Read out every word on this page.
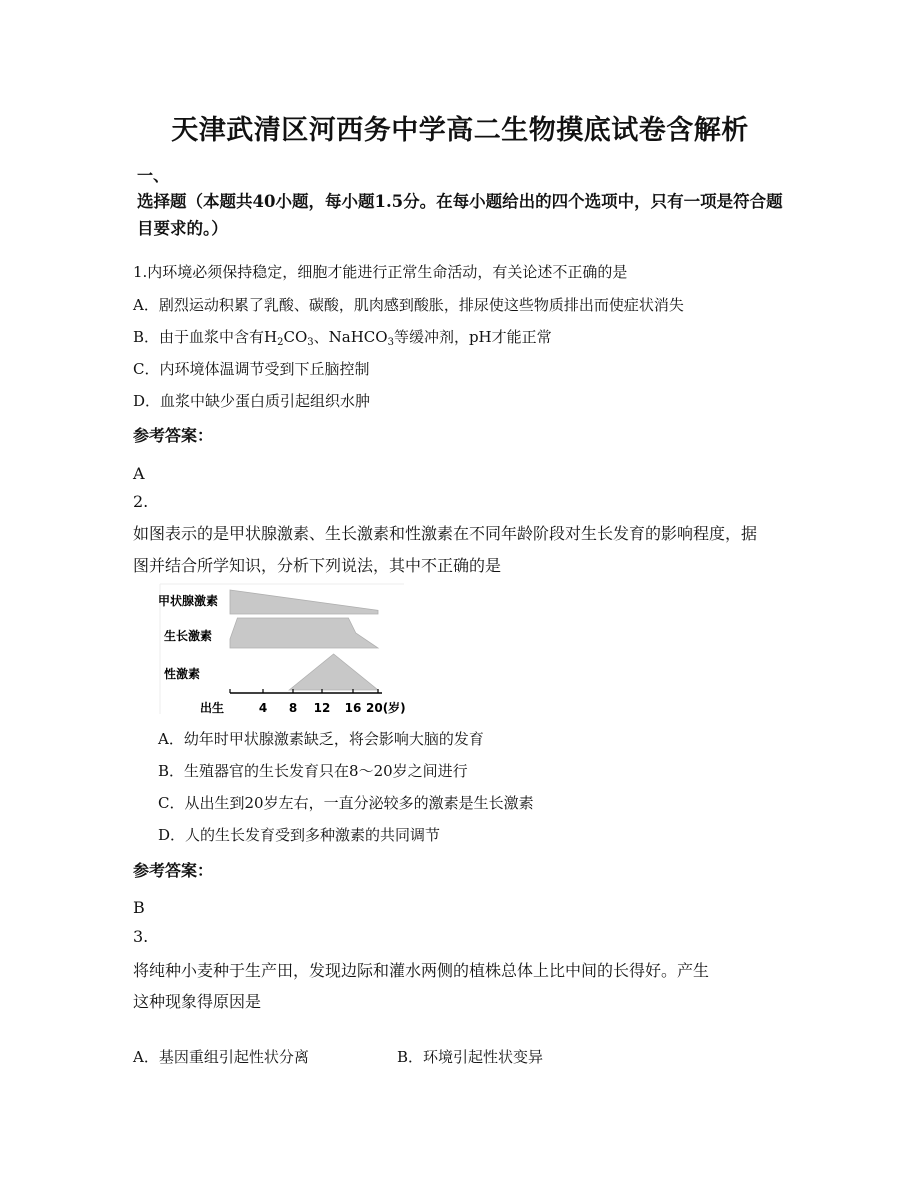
天津武清区河西务中学高二生物摸底试卷含解析
一、
选择题（本题共40小题，每小题1.5分。在每小题给出的四个选项中，只有一项是符合题目要求的。）
1.内环境必须保持稳定，细胞才能进行正常生命活动，有关论述不正确的是
A．剧烈运动积累了乳酸、碳酸，肌肉感到酸胀，排尿使这些物质排出而使症状消失
B．由于血浆中含有$H_2CO_3$、NaHCO$_3$等缓冲剂，pH才能正常
C．内环境体温调节受到下丘脑控制
D．血浆中缺少蛋白质引起组织水肿
参考答案：
A
2.
如图表示的是甲状腺激素、生长激素和性激素在不同年龄阶段对生长发育的影响程度，据
图并结合所学知识，分析下列说法，其中不正确的是
甲状腺激素
生长激素
性激素
出生	4 8 12 16 20(岁)
A．幼年时甲状腺激素缺乏，将会影响大脑的发育
B．生殖器官的生长发育只在8～20岁之间进行
C．从出生到20岁左右，一直分泌较多的激素是生长激素
D．人的生长发育受到多种激素的共同调节
参考答案：
B
3.
将纯种小麦种于生产田，发现边际和灌水两侧的植株总体上比中间的长得好。产生
这种现象得原因是
A．基因重组引起性状分离	B．环境引起性状变异
